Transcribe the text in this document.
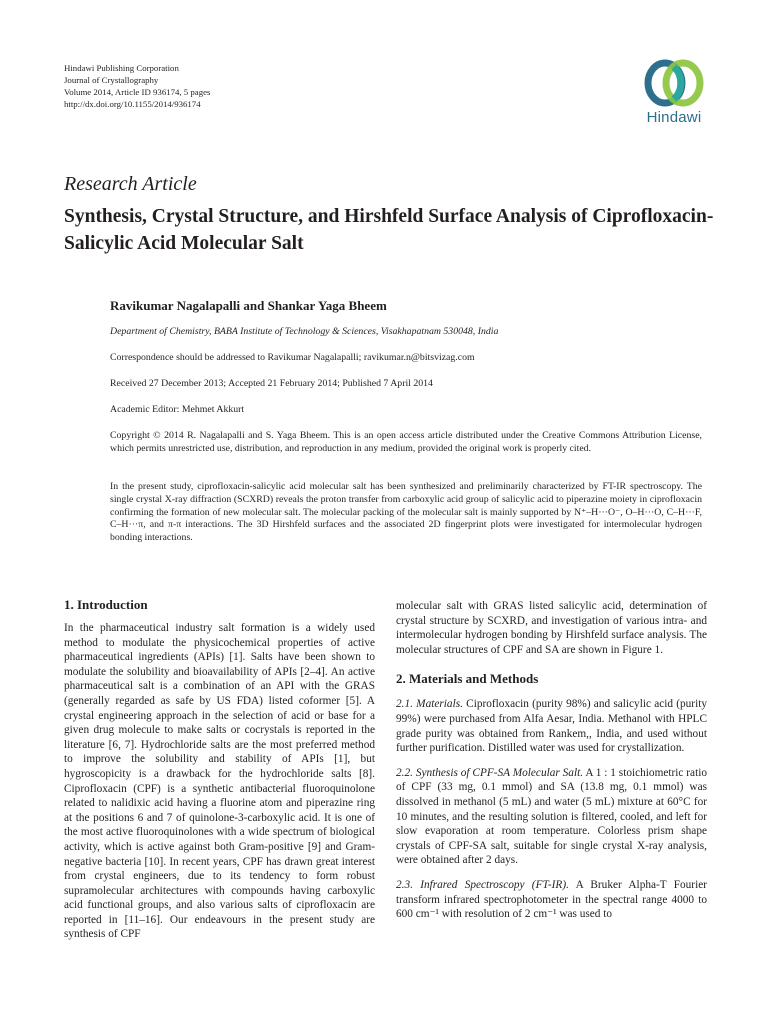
Hindawi Publishing Corporation
Journal of Crystallography
Volume 2014, Article ID 936174, 5 pages
http://dx.doi.org/10.1155/2014/936174
Hindawi
Research Article
Synthesis, Crystal Structure, and Hirshfeld Surface Analysis of Ciprofloxacin-Salicylic Acid Molecular Salt
Ravikumar Nagalapalli and Shankar Yaga Bheem
Department of Chemistry, BABA Institute of Technology & Sciences, Visakhapatnam 530048, India
Correspondence should be addressed to Ravikumar Nagalapalli; ravikumar.n@bitsvizag.com
Received 27 December 2013; Accepted 21 February 2014; Published 7 April 2014
Academic Editor: Mehmet Akkurt
Copyright © 2014 R. Nagalapalli and S. Yaga Bheem. This is an open access article distributed under the Creative Commons Attribution License, which permits unrestricted use, distribution, and reproduction in any medium, provided the original work is properly cited.
In the present study, ciprofloxacin-salicylic acid molecular salt has been synthesized and preliminarily characterized by FT-IR spectroscopy. The single crystal X-ray diffraction (SCXRD) reveals the proton transfer from carboxylic acid group of salicylic acid to piperazine moiety in ciprofloxacin confirming the formation of new molecular salt. The molecular packing of the molecular salt is mainly supported by N⁺–H···O⁻, O–H···O, C–H···F, C–H···π, and π-π interactions. The 3D Hirshfeld surfaces and the associated 2D fingerprint plots were investigated for intermolecular hydrogen bonding interactions.
1. Introduction

In the pharmaceutical industry salt formation is a widely used method to modulate the physicochemical properties of active pharmaceutical ingredients (APIs) [1]. Salts have been shown to modulate the solubility and bioavailability of APIs [2–4]. An active pharmaceutical salt is a combination of an API with the GRAS (generally regarded as safe by US FDA) listed coformer [5]. A crystal engineering approach in the selection of acid or base for a given drug molecule to make salts or cocrystals is reported in the literature [6, 7]. Hydrochloride salts are the most preferred method to improve the solubility and stability of APIs [1], but hygroscopicity is a drawback for the hydrochloride salts [8]. Ciprofloxacin (CPF) is a synthetic antibacterial fluoroquinolone related to nalidixic acid having a fluorine atom and piperazine ring at the positions 6 and 7 of quinolone-3-carboxylic acid. It is one of the most active fluoroquinolones with a wide spectrum of biological activity, which is active against both Gram-positive [9] and Gram-negative bacteria [10]. In recent years, CPF has drawn great interest from crystal engineers, due to its tendency to form robust supramolecular architectures with compounds having carboxylic acid functional groups, and also various salts of ciprofloxacin are reported in [11–16]. Our endeavours in the present study are synthesis of CPF

molecular salt with GRAS listed salicylic acid, determination of crystal structure by SCXRD, and investigation of various intra- and intermolecular hydrogen bonding by Hirshfeld surface analysis. The molecular structures of CPF and SA are shown in Figure 1.

2. Materials and Methods

2.1. Materials. Ciprofloxacin (purity 98%) and salicylic acid (purity 99%) were purchased from Alfa Aesar, India. Methanol with HPLC grade purity was obtained from Rankem,, India, and used without further purification. Distilled water was used for crystallization.

2.2. Synthesis of CPF-SA Molecular Salt. A 1 : 1 stoichiometric ratio of CPF (33 mg, 0.1 mmol) and SA (13.8 mg, 0.1 mmol) was dissolved in methanol (5 mL) and water (5 mL) mixture at 60°C for 10 minutes, and the resulting solution is filtered, cooled, and left for slow evaporation at room temperature. Colorless prism shape crystals of CPF-SA salt, suitable for single crystal X-ray analysis, were obtained after 2 days.

2.3. Infrared Spectroscopy (FT-IR). A Bruker Alpha-T Fourier transform infrared spectrophotometer in the spectral range 4000 to 600 cm⁻¹ with resolution of 2 cm⁻¹ was used to
